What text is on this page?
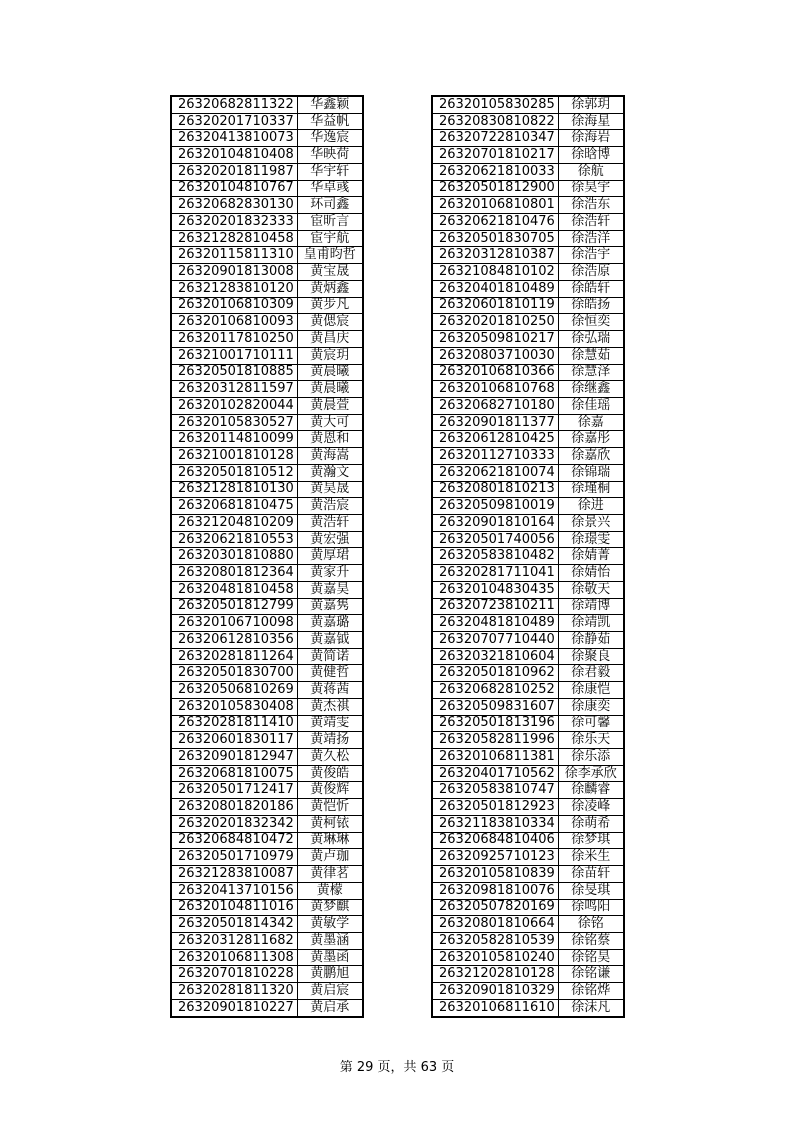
26320682811322	华鑫颖
26320201710337	华益帆
26320413810073	华逸宸
26320104810408	华映荷
26320201811987	华宇轩
26320104810767	华卓彧
26320682830130	环司鑫
26320201832333	宦昕言
26321282810458	宦宇航
26320115811310	皇甫昀哲
26320901813008	黄宝晟
26321283810120	黄炳鑫
26320106810309	黄步凡
26320106810093	黄偲宸
26320117810250	黄昌庆
26321001710111	黄宸玥
26320501810885	黄晨曦
26320312811597	黄晨曦
26320102820044	黄晨萱
26320105830527	黄大可
26320114810099	黄恩和
26321001810128	黄海嵩
26320501810512	黄瀚文
26321281810130	黄昊晟
26320681810475	黄浩宸
26321204810209	黄浩轩
26320621810553	黄宏强
26320301810880	黄厚珺
26320801812364	黄家升
26320481810458	黄嘉昊
26320501812799	黄嘉隽
26320106710098	黄嘉璐
26320612810356	黄嘉钺
26320281811264	黄简诺
26320501830700	黄健哲
26320506810269	黄蒋茜
26320105830408	黄杰祺
26320281811410	黄靖雯
26320601830117	黄靖扬
26320901812947	黄久松
26320681810075	黄俊皓
26320501712417	黄俊辉
26320801820186	黄恺忻
26320201832342	黄柯铱
26320684810472	黄琳琳
26320501710979	黄卢珈
26321283810087	黄律茗
26320413710156	黄檬
26320104811016	黄梦麒
26320501814342	黄敏学
26320312811682	黄墨涵
26320106811308	黄墨函
26320701810228	黄鹏旭
26320281811320	黄启宸
26320901810227	黄启承
26320105830285	徐郭玥
26320830810822	徐海星
26320722810347	徐海岩
26320701810217	徐晗博
26320621810033	徐航
26320501812900	徐昊宇
26320106810801	徐浩东
26320621810476	徐浩轩
26320501830705	徐浩洋
26320312810387	徐浩宇
26321084810102	徐浩原
26320401810489	徐皓轩
26320601810119	徐皓扬
26320201810250	徐恒奕
26320509810217	徐弘瑞
26320803710030	徐慧茹
26320106810366	徐慧泽
26320106810768	徐继鑫
26320682710180	徐佳瑶
26320901811377	徐嘉
26320612810425	徐嘉彤
26320112710333	徐嘉欣
26320621810074	徐锦瑞
26320801810213	徐瑾桐
26320509810019	徐进
26320901810164	徐景兴
26320501740056	徐璟雯
26320583810482	徐婧菁
26320281711041	徐婧怡
26320104830435	徐敬天
26320723810211	徐靖博
26320481810489	徐靖凯
26320707710440	徐静茹
26320321810604	徐聚良
26320501810962	徐君毅
26320682810252	徐康恺
26320509831607	徐康奕
26320501813196	徐可馨
26320582811996	徐乐天
26320106811381	徐乐添
26320401710562	徐李承欣
26320583810747	徐麟睿
26320501812923	徐凌峰
26321183810334	徐萌希
26320684810406	徐梦琪
26320925710123	徐米生
26320105810839	徐苗轩
26320981810076	徐旻琪
26320507820169	徐鸣阳
26320801810664	徐铭
26320582810539	徐铭蔡
26320105810240	徐铭昊
26321202810128	徐铭谦
26320901810329	徐铭烨
26320106811610	徐沫凡
第 29 页，共 63 页
